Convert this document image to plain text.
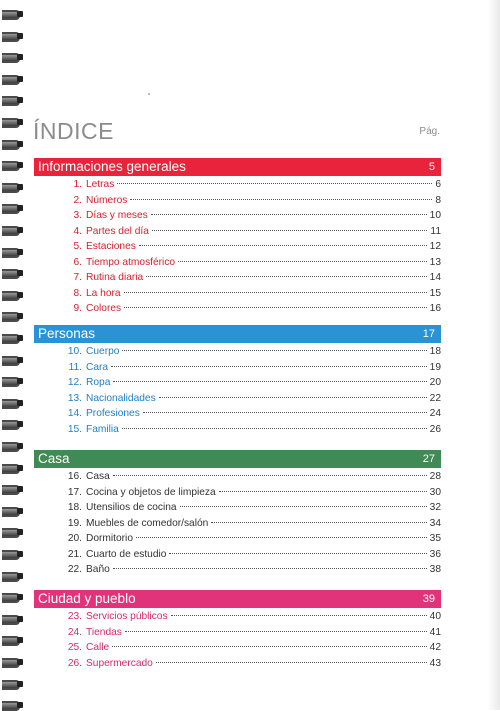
ÍNDICE	Pág.
Informaciones generales	5
1. Letras	6
2. Números	8
3. Días y meses	10
4. Partes del día	11
5. Estaciones	12
6. Tiempo atmosférico	13
7. Rutina diaria	14
8. La hora	15
9. Colores	16
Personas	17
10. Cuerpo	18
11. Cara	19
12. Ropa	20
13. Nacionalidades	22
14. Profesiones	24
15. Familia	26
Casa	27
16. Casa	28
17. Cocina y objetos de limpieza	30
18. Utensilios de cocina	32
19. Muebles de comedor/salón	34
20. Dormitorio	35
21. Cuarto de estudio	36
22. Baño	38
Ciudad y pueblo	39
23. Servicios públicos	40
24. Tiendas	41
25. Calle	42
26. Supermercado	43
